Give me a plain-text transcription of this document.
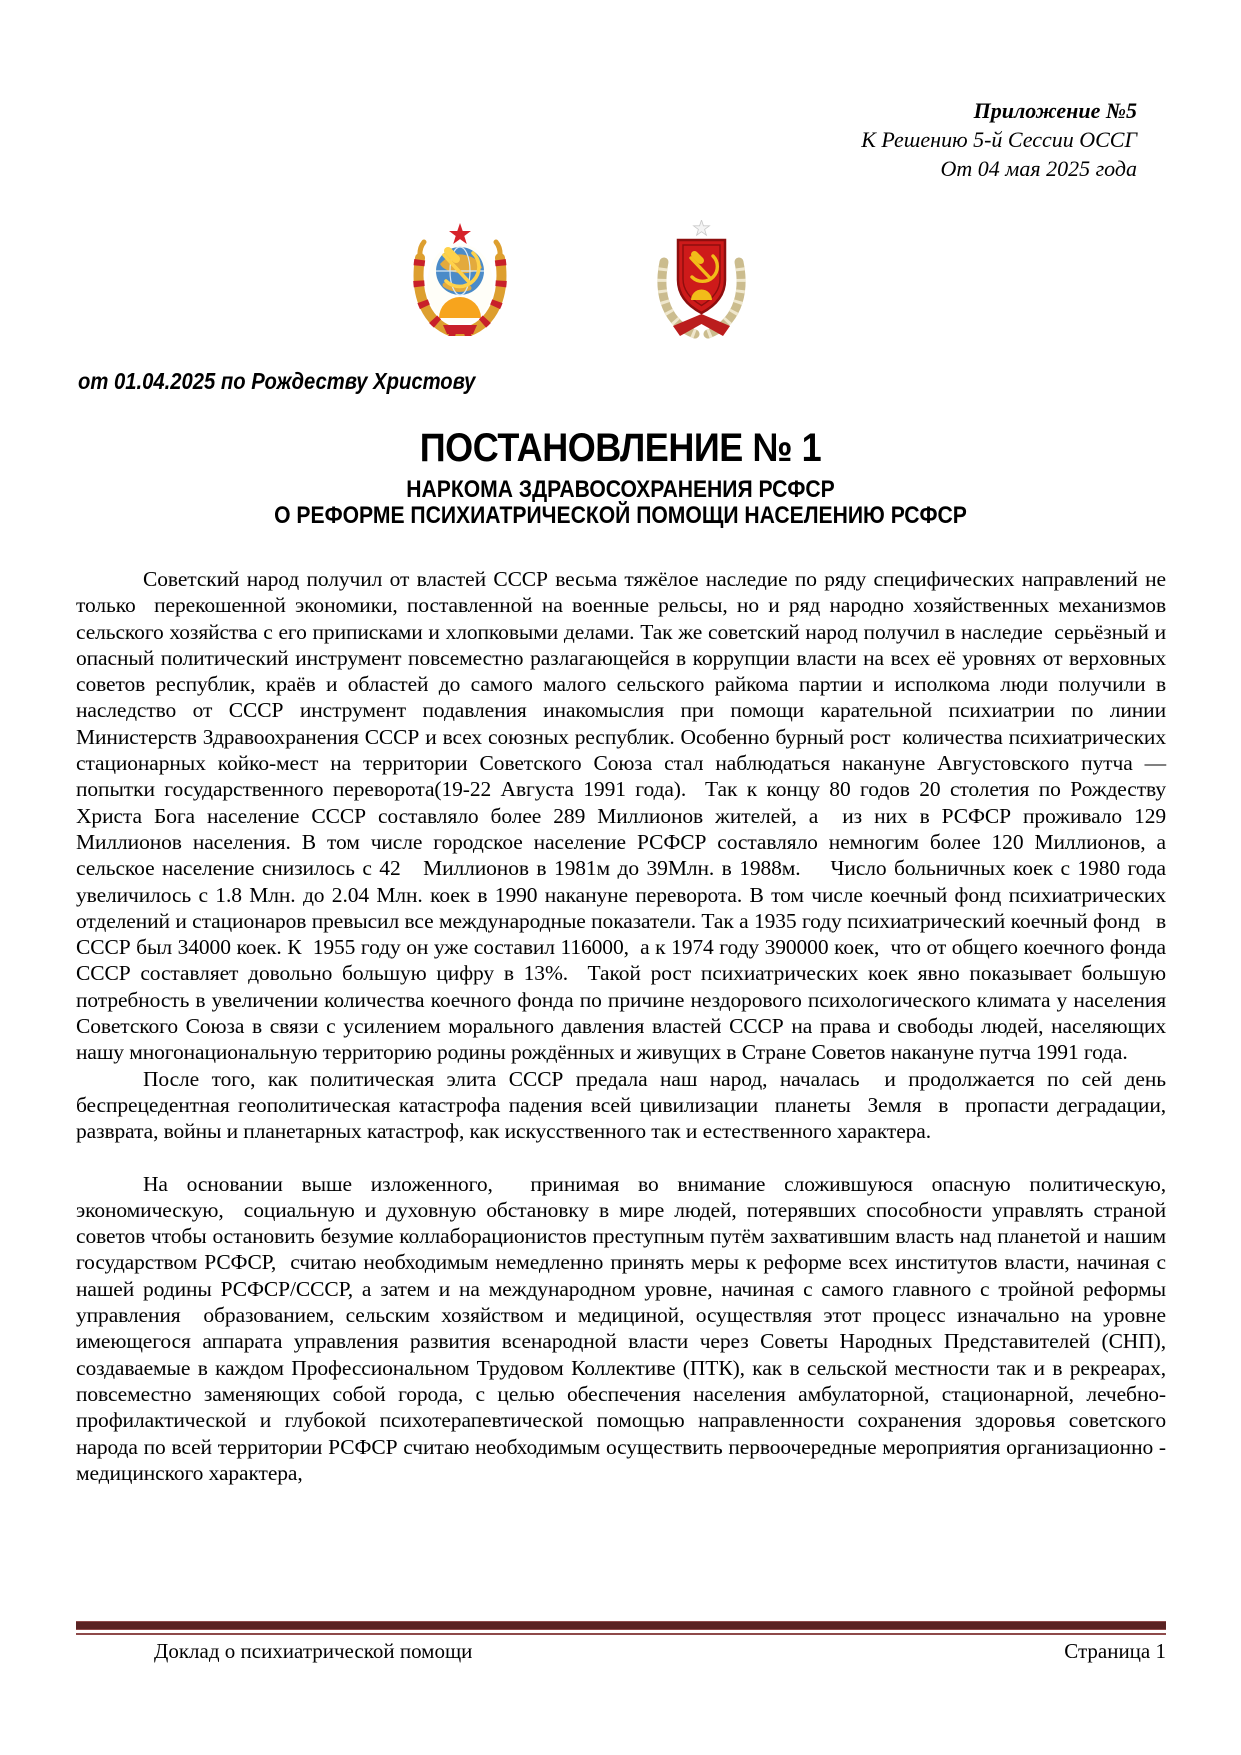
Приложение №5
К Решению 5-й Сессии ОССГ
От 04 мая 2025 года
от 01.04.2025 по Рождеству Христову
ПОСТАНОВЛЕНИЕ № 1
НАРКОМА ЗДРАВОСОХРАНЕНИЯ РСФСР
О РЕФОРМЕ ПСИХИАТРИЧЕСКОЙ ПОМОЩИ НАСЕЛЕНИЮ РСФСР

Советский народ получил от властей СССР весьма тяжёлое наследие по ряду специфических направлений не только  перекошенной экономики, поставленной на военные рельсы, но и ряд народно хозяйственных механизмов сельского хозяйства с его приписками и хлопковыми делами. Так же советский народ получил в наследие  серьёзный и опасный политический инструмент повсеместно разлагающейся в коррупции власти на всех её уровнях от верховных советов республик, краёв и областей до самого малого сельского райкома партии и исполкома люди получили в наследство от СССР инструмент подавления инакомыслия при помощи карательной психиатрии по линии Министерств Здравоохранения СССР и всех союзных республик. Особенно бурный рост  количества психиатрических стационарных койко-мест на территории Советского Союза стал наблюдаться накануне Августовского путча — попытки государственного переворота(19-22 Августа 1991 года).  Так к концу 80 годов 20 столетия по Рождеству Христа Бога население СССР составляло более 289 Миллионов жителей, а  из них в РСФСР проживало 129 Миллионов населения. В том числе городское население РСФСР составляло немногим более 120 Миллионов, а сельское население снизилось с 42   Миллионов в 1981м до 39Млн. в 1988м.    Число больничных коек с 1980 года увеличилось с 1.8 Млн. до 2.04 Млн. коек в 1990 накануне переворота. В том числе коечный фонд психиатрических отделений и стационаров превысил все международные показатели. Так а 1935 году психиатрический коечный фонд   в СССР был 34000 коек. К  1955 году он уже составил 116000,  а к 1974 году 390000 коек,  что от общего коечного фонда СССР составляет довольно большую цифру в 13%.  Такой рост психиатрических коек явно показывает большую потребность в увеличении количества коечного фонда по причине нездорового психологического климата у населения Советского Союза в связи с усилением морального давления властей СССР на права и свободы людей, населяющих нашу многонациональную территорию родины рождённых и живущих в Стране Советов накануне путча 1991 года.

После того, как политическая элита СССР предала наш народ, началась  и продолжается по сей день беспрецедентная геополитическая катастрофа падения всей цивилизации  планеты  Земля  в  пропасти деградации,  разврата, войны и планетарных катастроф, как искусственного так и естественного характера.

На основании выше изложенного,  принимая во внимание сложившуюся опасную политическую, экономическую,  социальную и духовную обстановку в мире людей, потерявших способности управлять страной советов чтобы остановить безумие коллаборационистов преступным путём захватившим власть над планетой и нашим государством РСФСР,  считаю необходимым немедленно принять меры к реформе всех институтов власти, начиная с нашей родины РСФСР/СССР, а затем и на международном уровне, начиная с самого главного с тройной реформы управления  образованием, сельским хозяйством и медициной, осуществляя этот процесс изначально на уровне имеющегося аппарата управления развития всенародной власти через Советы Народных Представителей (СНП), создаваемые в каждом Профессиональном Трудовом Коллективе (ПТК), как в сельской местности так и в рекреарах, повсеместно заменяющих собой города, с целью обеспечения населения амбулаторной, стационарной, лечебно-профилактической и глубокой психотерапевтической помощью направленности сохранения здоровья советского народа по всей территории РСФСР считаю необходимым осуществить первоочередные мероприятия организационно - медицинского характера,

Доклад о психиатрической помощи	Страница 1
